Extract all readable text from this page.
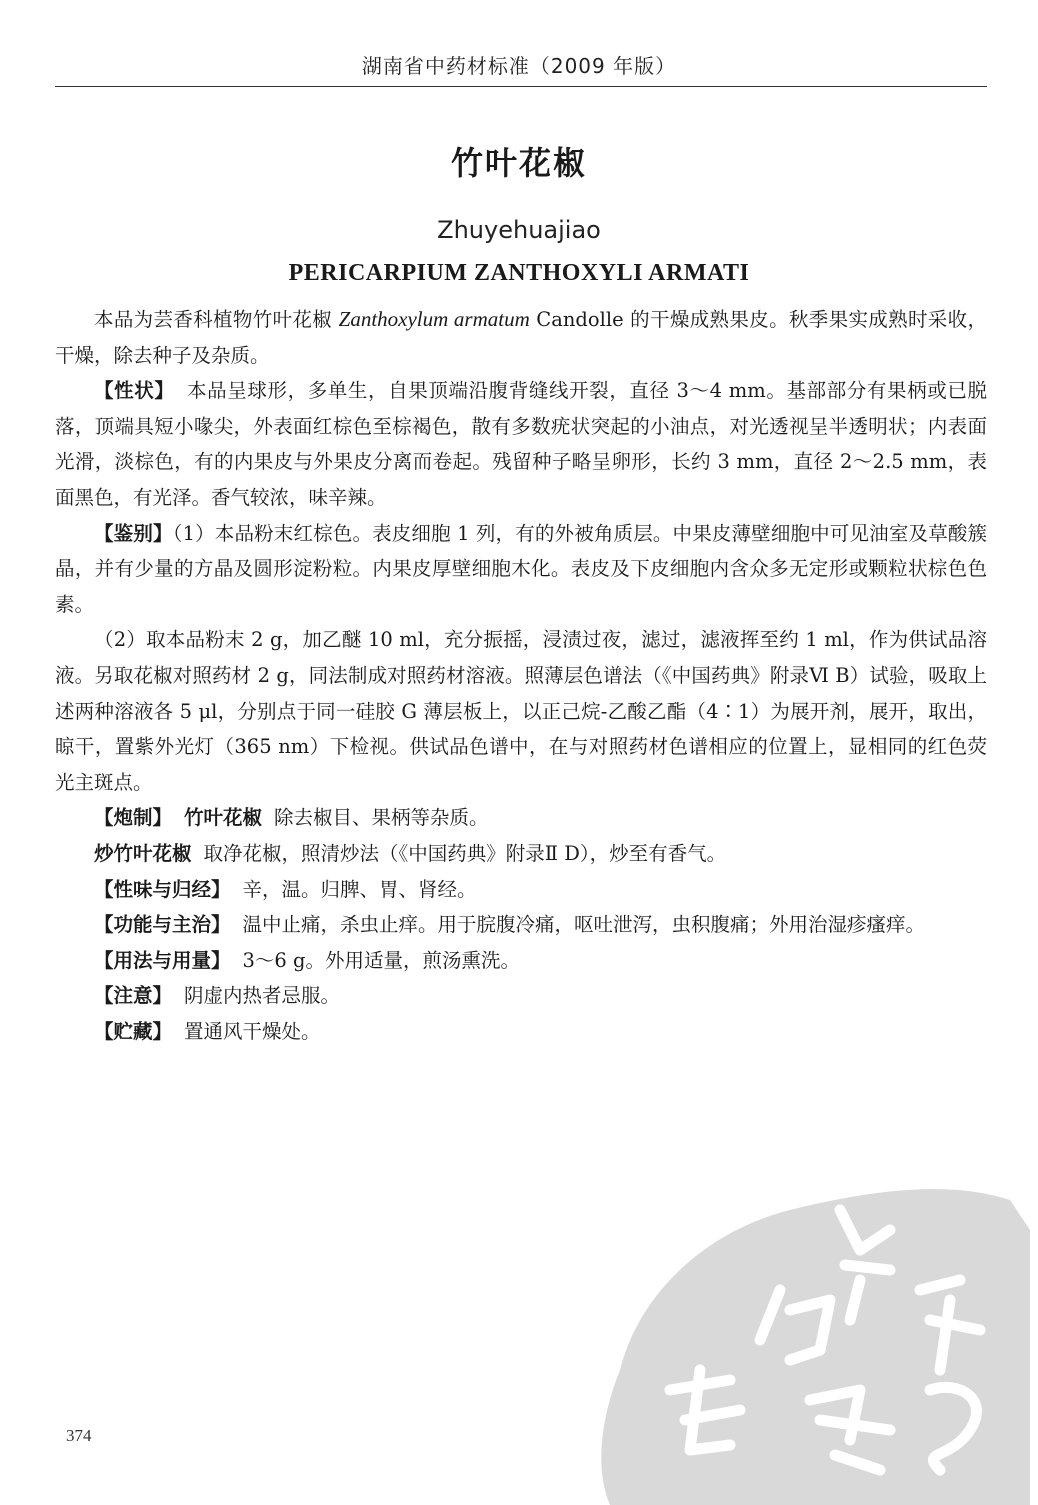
湖南省中药材标准（2009 年版）
竹叶花椒
Zhuyehuajiao
PERICARPIUM ZANTHOXYLI ARMATI

本品为芸香科植物竹叶花椒 Zanthoxylum armatum Candolle 的干燥成熟果皮。秋季果实成熟时采收，干燥，除去种子及杂质。

【性状】 本品呈球形，多单生，自果顶端沿腹背缝线开裂，直径 3～4 mm。基部部分有果柄或已脱落，顶端具短小喙尖，外表面红棕色至棕褐色，散有多数疣状突起的小油点，对光透视呈半透明状；内表面光滑，淡棕色，有的内果皮与外果皮分离而卷起。残留种子略呈卵形，长约 3 mm，直径 2～2.5 mm，表面黑色，有光泽。香气较浓，味辛辣。

【鉴别】（1）本品粉末红棕色。表皮细胞 1 列，有的外被角质层。中果皮薄壁细胞中可见油室及草酸簇晶，并有少量的方晶及圆形淀粉粒。内果皮厚壁细胞木化。表皮及下皮细胞内含众多无定形或颗粒状棕色色素。

（2）取本品粉末 2 g，加乙醚 10 ml，充分振摇，浸渍过夜，滤过，滤液挥至约 1 ml，作为供试品溶液。另取花椒对照药材 2 g，同法制成对照药材溶液。照薄层色谱法（《中国药典》附录Ⅵ B）试验，吸取上述两种溶液各 5 μl，分别点于同一硅胶 G 薄层板上，以正己烷-乙酸乙酯（4∶1）为展开剂，展开，取出，晾干，置紫外光灯（365 nm）下检视。供试品色谱中，在与对照药材色谱相应的位置上，显相同的红色荧光主斑点。

【炮制】 竹叶花椒 除去椒目、果柄等杂质。

炒竹叶花椒 取净花椒，照清炒法（《中国药典》附录Ⅱ D），炒至有香气。

【性味与归经】 辛，温。归脾、胃、肾经。

【功能与主治】 温中止痛，杀虫止痒。用于脘腹冷痛，呕吐泄泻，虫积腹痛；外用治湿疹瘙痒。

【用法与用量】 3～6 g。外用适量，煎汤熏洗。

【注意】 阴虚内热者忌服。

【贮藏】 置通风干燥处。

374
